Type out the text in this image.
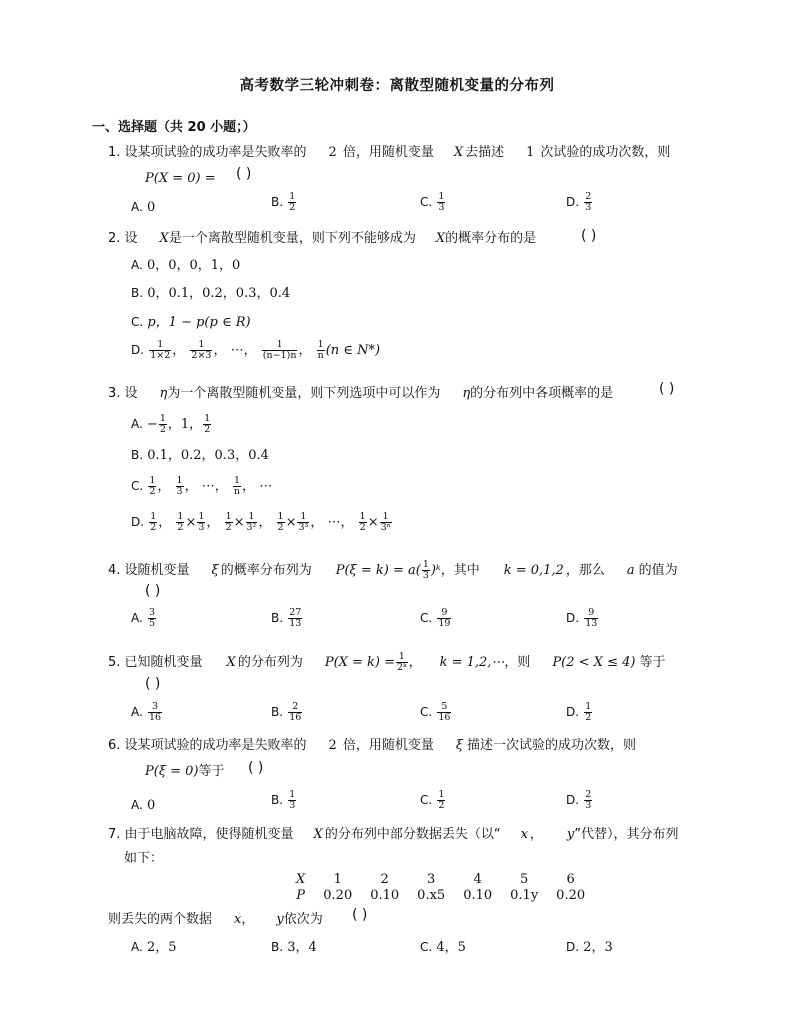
高考数学三轮冲刺卷：离散型随机变量的分布列
一、选择题（共 20 小题；）
1. 设某项试验的成功率是失败率的 2 倍，用随机变量 X 去描述 1 次试验的成功次数，则
P(X = 0) = ( )
A. 0	B. $\frac{1}{2}$	C. $\frac{1}{3}$	D. $\frac{2}{3}$
2. 设 X是一个离散型随机变量，则下列不能够成为 X的概率分布的是	( )
A. 0，0，0，1，0
B. 0，0.1，0.2，0.3，0.4
C. p，1 − p(p ∈ R)
D. $\frac{1}{1\times 2}$ ， $\frac{1}{2\times 3}$ ， ⋯， $\frac{1}{(n-1)n}$ ， $\frac{1}{n} (n$ ∈ N*)
3. 设 η为一个离散型随机变量，则下列选项中可以作为 η的分布列中各项概率的是	( )
A. − $\frac{1}{2}$ ，1， $\frac{1}{2}$
B. 0.1，0.2，0.3，0.4
C. $\frac{1}{2}$ ， $\frac{1}{3}$ ， ⋯， $\frac{1}{n}$ ， ⋯
D. $\frac{1}{2}$ ， $\frac{1}{2} \times \frac{1}{3}$ ， $\frac{1}{2} \times \frac{1}{\text{3²}}$ ， $\frac{1}{2} \times \frac{1}{\text{3³}}$ ， ⋯， $\frac{1}{2} \times \frac{1}{\text{3ⁿ}}$
4. 设随机变量 ξ 的概率分布列为 $P(\xi = k) = a( \frac{1}{3}$ )ᵏ，其中 k = 0,1,2 ，那么 a 的值为
( )
A. $\frac{3}{5}$	B. $\frac{27}{13}$	C. $\frac{9}{19}$	D. $\frac{9}{13}$
5. 已知随机变量 X 的分布列为 $P(X = k) = \frac{1}{\text{2ᵏ}}$ ， k = 1,2,⋯，则 P(2 < X ≤ 4) 等于
( )
A. $\frac{3}{16}$	B. $\frac{2}{16}$	C. $\frac{5}{16}$	D. $\frac{1}{2}$
6. 设某项试验的成功率是失败率的 2 倍，用随机变量 ξ 描述一次试验的成功次数，则
P(ξ = 0)等于 ( )
A. 0	B. $\frac{1}{3}$	C. $\frac{1}{2}$	D. $\frac{2}{3}$
7. 由于电脑故障，使得随机变量 X 的分布列中部分数据丢失（以“ x ， y”代替），其分布列
如下：
X	1	2	3	4	5	6
P	0.20	0.10	0.x5	0.10	0.1y	0.20
则丢失的两个数据 x， y依次为 ( )
A. 2，5	B. 3，4	C. 4，5	D. 2，3
